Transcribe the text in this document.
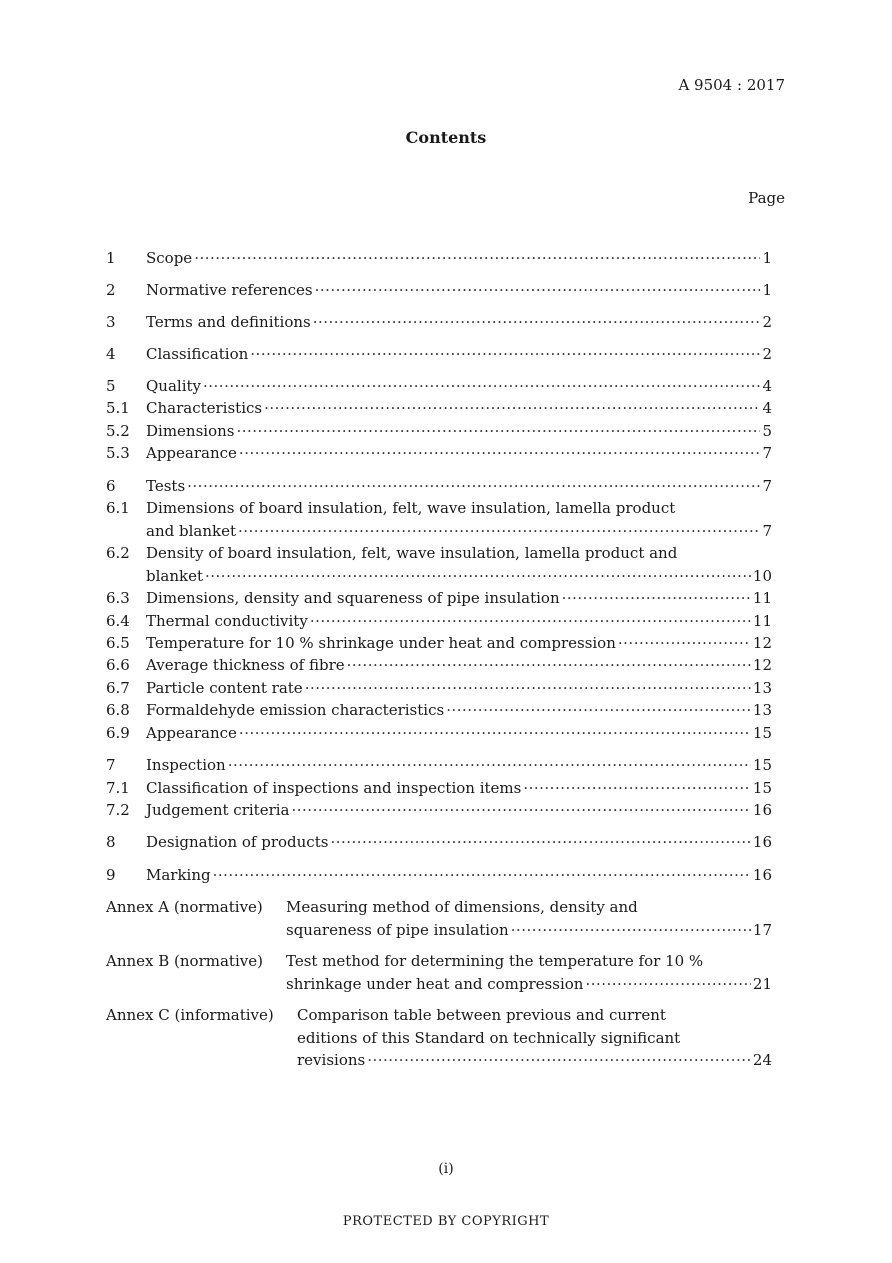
A 9504 : 2017
Contents
Page
1	Scope ·····	1
2	Normative references ·····	1
3	Terms and definitions ·····	2
4	Classification ·····	2
5	Quality ·····	4
5.1	Characteristics ·····	4
5.2	Dimensions ·····	5
5.3	Appearance ·····	7
6	Tests ·····	7
6.1	Dimensions of board insulation, felt, wave insulation, lamella product
and blanket ·····	7
6.2	Density of board insulation, felt, wave insulation, lamella product and
blanket ·····	10
6.3	Dimensions, density and squareness of pipe insulation ·····	11
6.4	Thermal conductivity ·····	11
6.5	Temperature for 10 % shrinkage under heat and compression ·····	12
6.6	Average thickness of fibre ·····	12
6.7	Particle content rate ·····	13
6.8	Formaldehyde emission characteristics ·····	13
6.9	Appearance ·····	15
7	Inspection ·····	15
7.1	Classification of inspections and inspection items ·····	15
7.2	Judgement criteria ·····	16
8	Designation of products ·····	16
9	Marking ·····	16
Annex A (normative) Measuring method of dimensions, density and
squareness of pipe insulation ·····	17
Annex B (normative) Test method for determining the temperature for 10 %
shrinkage under heat and compression ·····	21
Annex C (informative) Comparison table between previous and current
editions of this Standard on technically significant
revisions ·····	24
(i)
PROTECTED BY COPYRIGHT
